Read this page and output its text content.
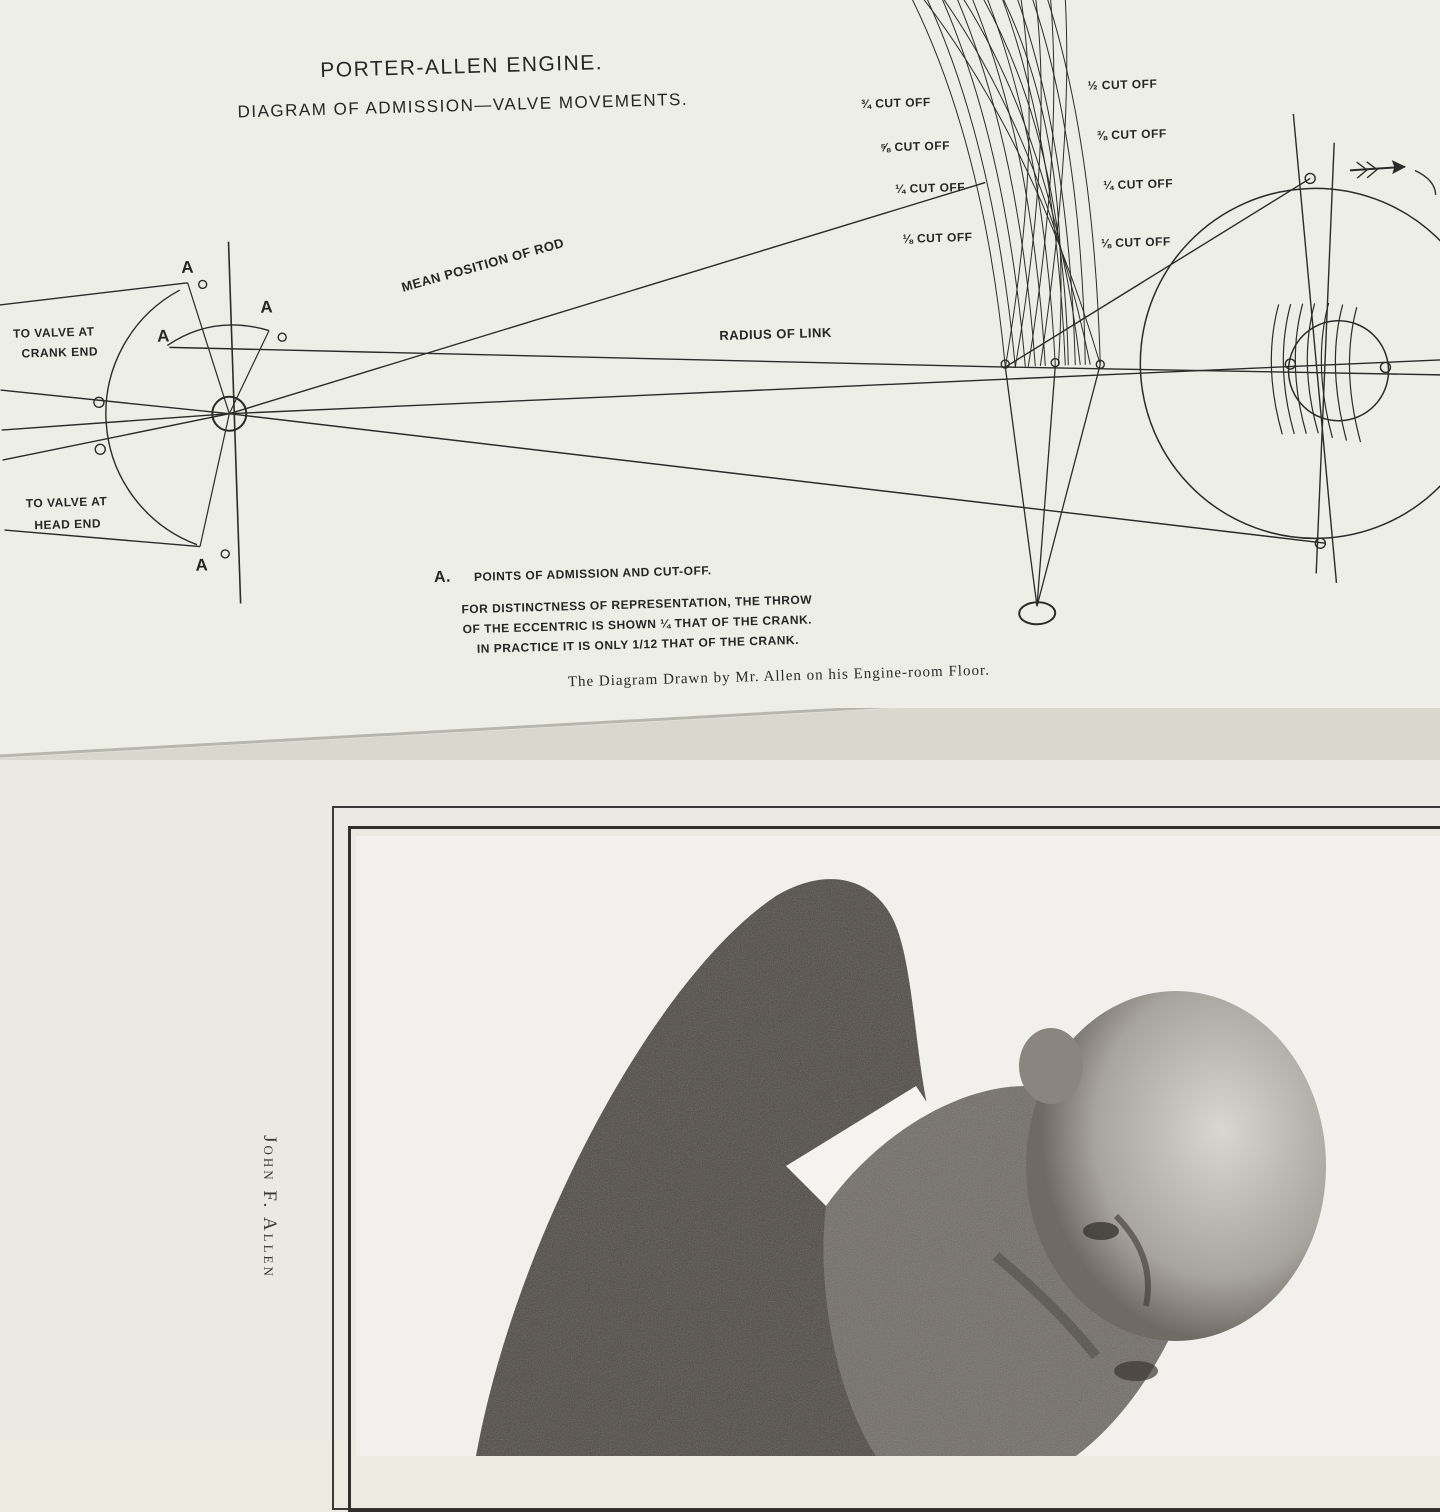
PORTER-ALLEN ENGINE.
DIAGRAM OF ADMISSION—VALVE MOVEMENTS.
A
A
A
A
TO VALVE AT
CRANK END
TO VALVE AT
HEAD END
MEAN POSITION OF ROD
RADIUS OF LINK
¾ CUT OFF
⅝ CUT OFF
¼ CUT OFF
⅛ CUT OFF
½ CUT OFF
⅜ CUT OFF
¼ CUT OFF
⅛ CUT OFF
A. POINTS OF ADMISSION AND CUT-OFF.
FOR DISTINCTNESS OF REPRESENTATION, THE THROW
OF THE ECCENTRIC IS SHOWN ¼ THAT OF THE CRANK.
IN PRACTICE IT IS ONLY 1/12 THAT OF THE CRANK.
The Diagram Drawn by Mr. Allen on his Engine-room Floor.
John F. Allen
